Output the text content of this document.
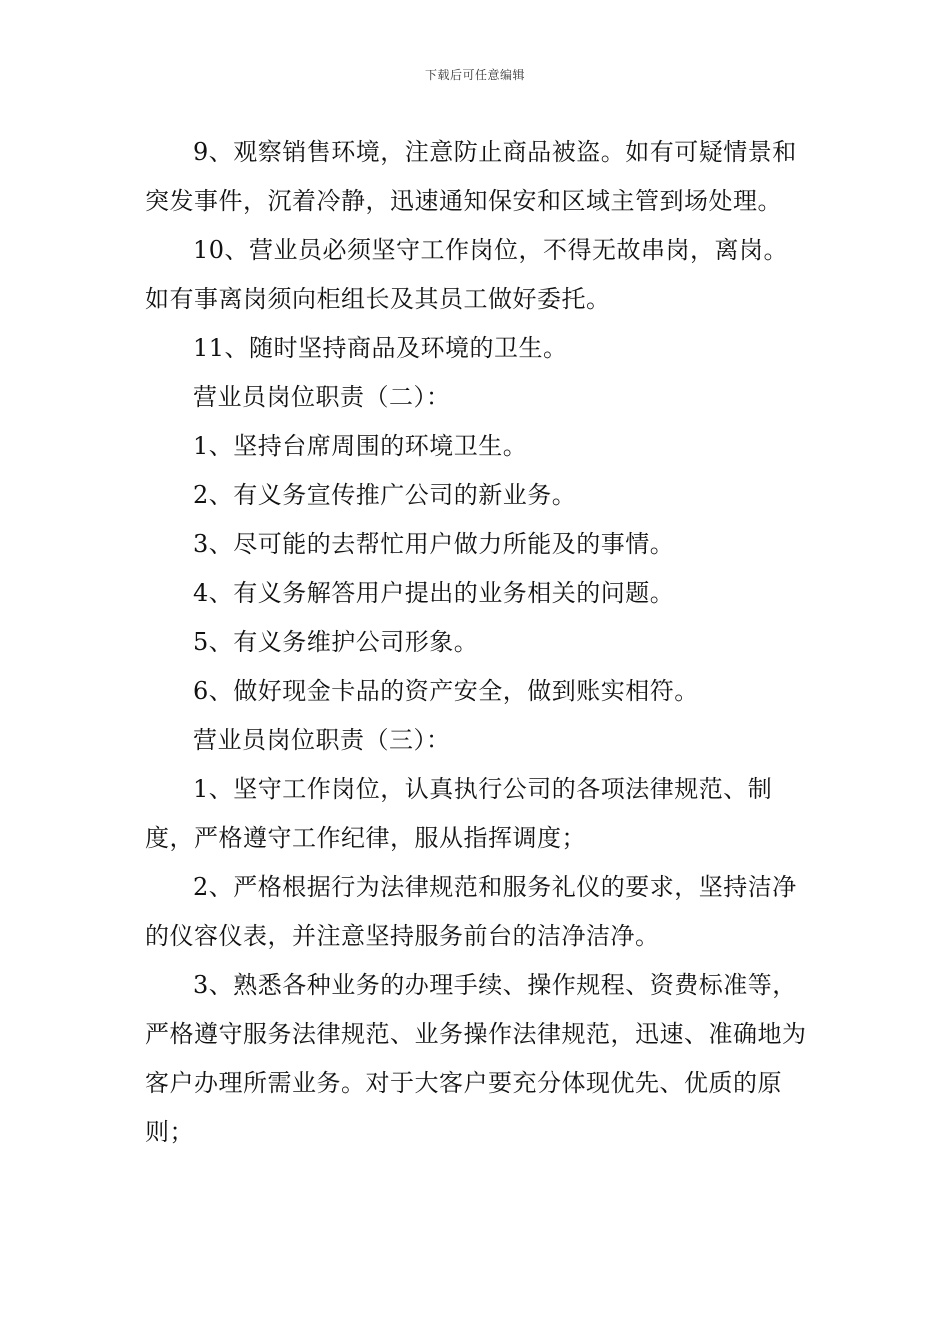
下载后可任意编辑

9、观察销售环境，注意防止商品被盗。如有可疑情景和突发事件，沉着冷静，迅速通知保安和区域主管到场处理。

10、营业员必须坚守工作岗位，不得无故串岗，离岗。如有事离岗须向柜组长及其员工做好委托。

11、随时坚持商品及环境的卫生。

营业员岗位职责（二）：

1、坚持台席周围的环境卫生。

2、有义务宣传推广公司的新业务。

3、尽可能的去帮忙用户做力所能及的事情。

4、有义务解答用户提出的业务相关的问题。

5、有义务维护公司形象。

6、做好现金卡品的资产安全，做到账实相符。

营业员岗位职责（三）：

1、坚守工作岗位，认真执行公司的各项法律规范、制度，严格遵守工作纪律，服从指挥调度；

2、严格根据行为法律规范和服务礼仪的要求，坚持洁净的仪容仪表，并注意坚持服务前台的洁净洁净。

3、熟悉各种业务的办理手续、操作规程、资费标准等，严格遵守服务法律规范、业务操作法律规范，迅速、准确地为客户办理所需业务。对于大客户要充分体现优先、优质的原则；
